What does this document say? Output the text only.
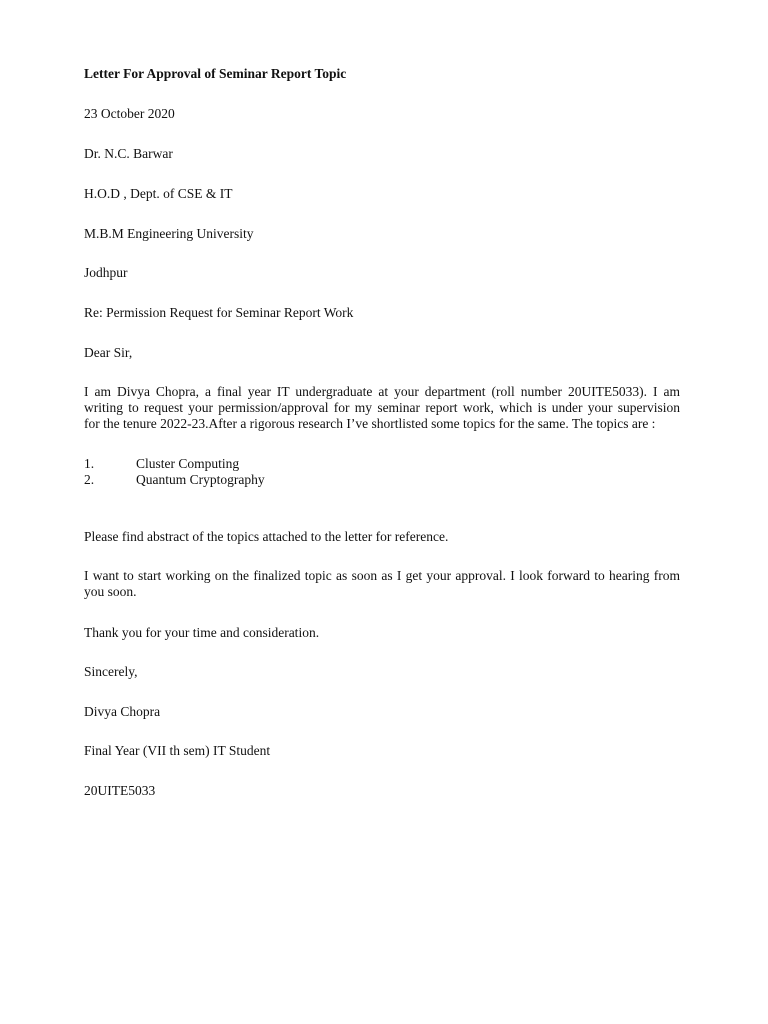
Letter For Approval of Seminar Report Topic
23 October 2020
Dr. N.C. Barwar
H.O.D , Dept. of CSE & IT
M.B.M Engineering University
Jodhpur
Re: Permission Request for Seminar Report Work
Dear Sir,
I am Divya Chopra, a final year IT undergraduate at your department (roll number 20UITE5033). I am
writing to request your permission/approval for my seminar report work, which is under your supervision
for the tenure 2022-23.After a rigorous research I’ve shortlisted some topics for the same. The topics are :
1.	Cluster Computing
2.	Quantum Cryptography
Please find abstract of the topics attached to the letter for reference.
I want to start working on the finalized topic as soon as I get your approval. I look forward to hearing from
you soon.
Thank you for your time and consideration.
Sincerely,
Divya Chopra
Final Year (VII th sem) IT Student
20UITE5033
